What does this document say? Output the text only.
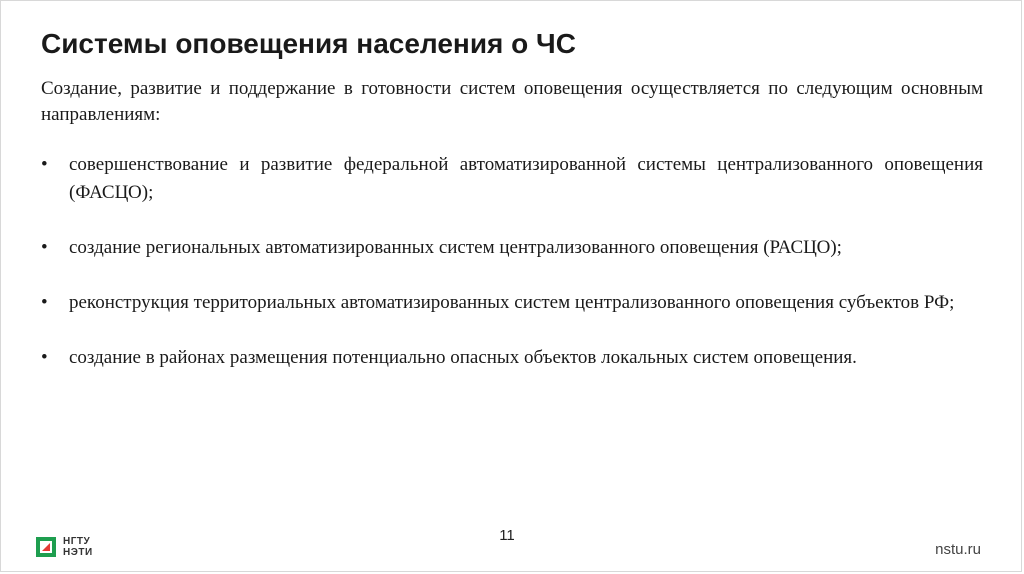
Системы оповещения населения о ЧС

Создание, развитие и поддержание в готовности систем оповещения осуществляется по следующим основным направлениям:

• совершенствование и развитие федеральной автоматизированной системы централизованного оповещения (ФАСЦО);
• создание региональных автоматизированных систем централизованного оповещения (РАСЦО);
• реконструкция территориальных автоматизированных систем централизованного оповещения субъектов РФ;
• создание в районах размещения потенциально опасных объектов локальных систем оповещения.
11
НГТУ
НЭТИ	nstu.ru
